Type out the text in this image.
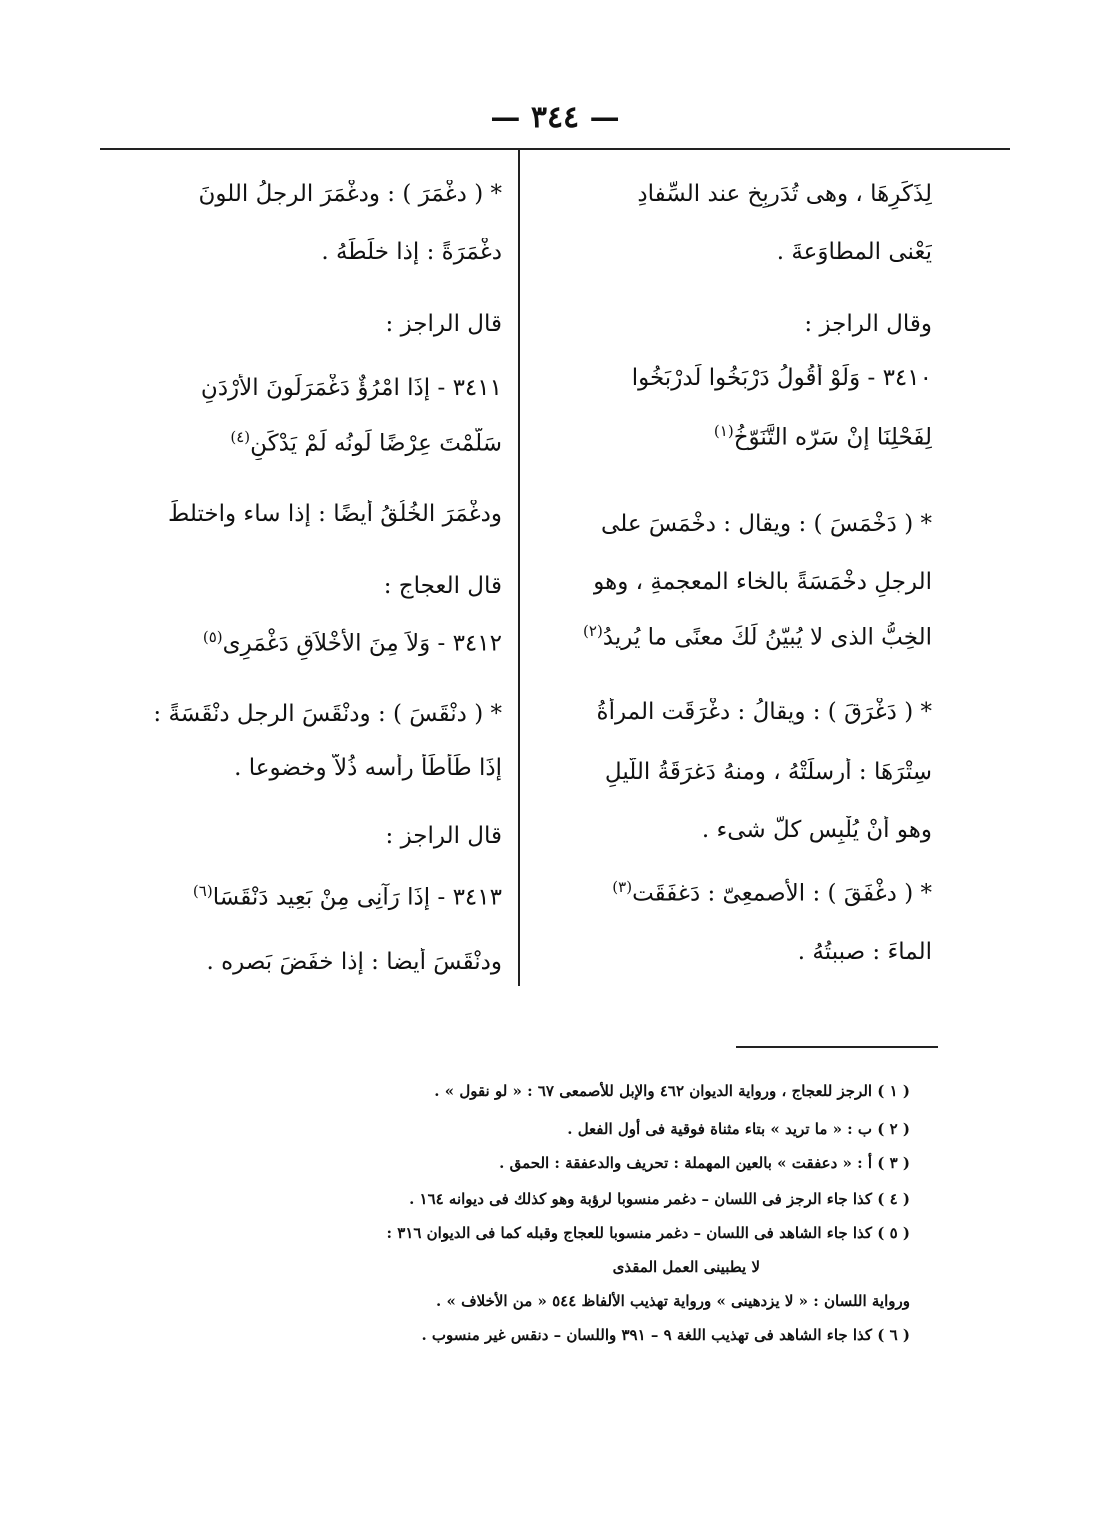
— ٣٤٤ —
لِذَكَرِهَا ، وهى تُدَربِخ عند السِّفادِ
يَعْنى المطاوَعةَ .
وقال الراجز :
٣٤١٠ - وَلَوْ أَقُولُ دَرْبَخُوا لَدرْبَخُوا
لِفَحْلِنَا إنْ سَرّه التَّنَوّخُ$^{(١)}$
* ( دَخْمَسَ ) : ويقال : دخْمَسَ على
الرجلِ دخْمَسَةً بالخاء المعجمةِ ، وهو
الخِبُّ الذى لا يُبيّنُ لَكَ معنًى ما يُريدُ$^{(٢)}$
* ( دَغْرَقَ ) : ويقالُ : دغْرَقَت المرأةُ
سِتْرَهَا : أَرسلَتْهُ ، ومنهُ دَغرَقَةُ اللَّيلِ
وهو أنْ يُلْبِس كلَّ شىء .
* ( دغْفَقَ ) : الأصمعِىّ : دَغفَقَت$^{(٣)}$
الماءَ : صببتُهُ .
* ( دغْمَرَ ) : ودغْمَرَ الرجلُ اللونَ
دغْمَرَةً : إذا خلَطَهُ .
قال الراجز :
٣٤١١ - إذَا امْرُؤٌ دَغْمَرَلَونَ الأَرْدَنِ
سَلَّمْتَ عِرْضًا لَونُه لَمْ يَدْكَنِ$^{(٤)}$
ودغْمَرَ الخُلُقُ أيضًا : إذا ساء واختلطَ
قال العجاج :
٣٤١٢ - وَلاَ مِنَ الأَخْلاَقِ دَغْمَرِى$^{(٥)}$
* ( دنْقَسَ ) : ودنْقَسَ الرجل دنْقَسَةً :
إذَا طَأْطَأَ رأسه ذُلاًّ وخضوعا .
قال الراجز :
٣٤١٣ - إذَا رَآنِى مِنْ بَعِيد دَنْقَسَا$^{(٦)}$
ودنْقَسَ أيضا : إذا خفَضَ بَصره .
( ١ ) الرجز للعجاج ، ورواية الديوان ٤٦٢ والإبل للأصمعى ٦٧ : « لو نقول » .
( ٢ ) ب : « ما تريد » بتاء مثناة فوقية فى أول الفعل .
( ٣ ) أ : « دعفقت » بالعين المهملة : تحريف والدعفقة : الحمق .
( ٤ ) كذا جاء الرجز فى اللسان – دغمر منسوبا لرؤبة وهو كذلك فى ديوانه ١٦٤ .
( ٥ ) كذا جاء الشاهد فى اللسان – دغمر منسوبا للعجاج وقبله كما فى الديوان ٣١٦ :
لا يطبينى العمل المقذى
ورواية اللسان : « لا يزدهينى » ورواية تهذيب الألفاظ ٥٤٤ « من الأخلاف » .
( ٦ ) كذا جاء الشاهد فى تهذيب اللغة ٩ – ٣٩١ واللسان – دنقس غير منسوب .
